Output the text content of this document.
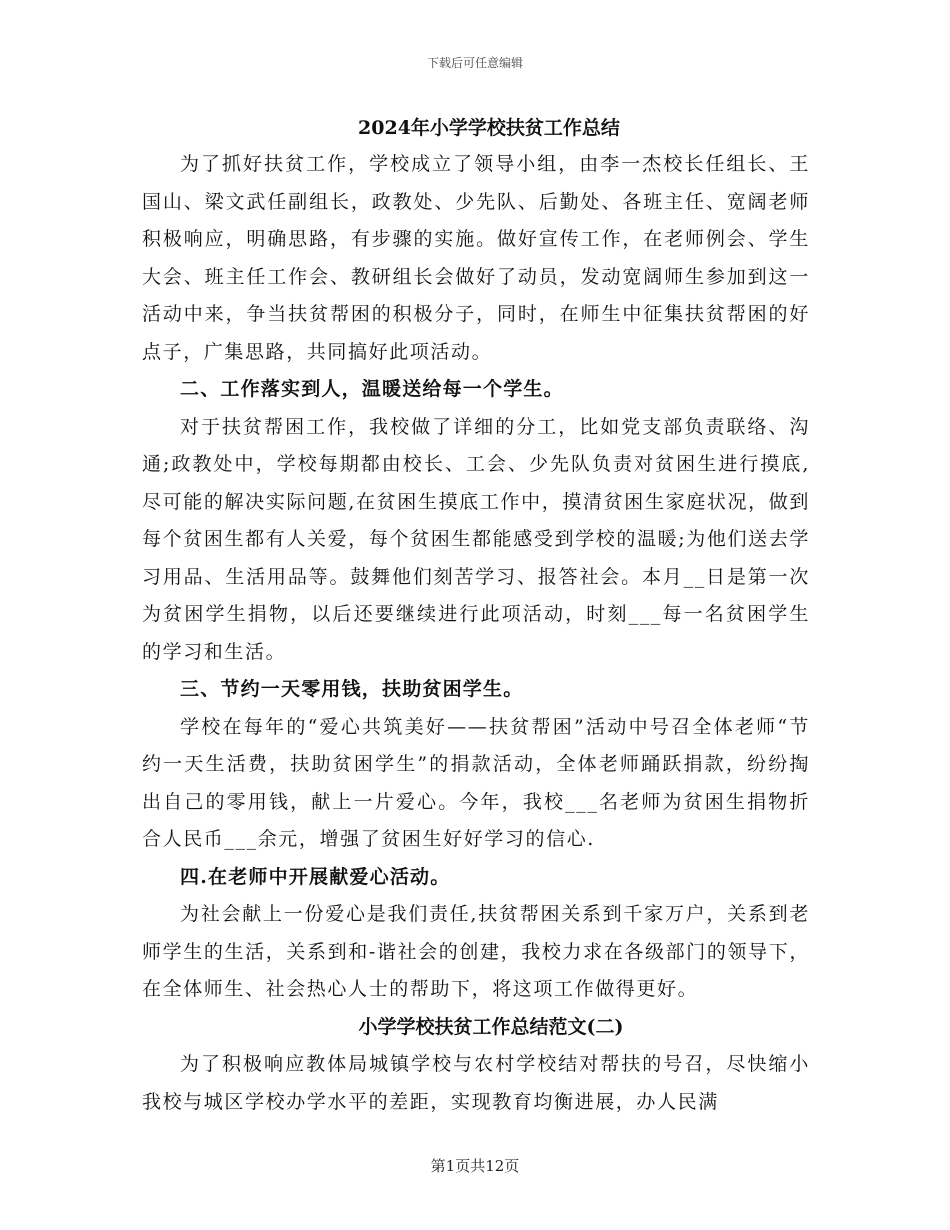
下载后可任意编辑
2024年小学学校扶贫工作总结

为了抓好扶贫工作，学校成立了领导小组，由李一杰校长任组长、王国山、梁文武任副组长，政教处、少先队、后勤处、各班主任、宽阔老师积极响应，明确思路，有步骤的实施。做好宣传工作，在老师例会、学生大会、班主任工作会、教研组长会做好了动员，发动宽阔师生参加到这一活动中来，争当扶贫帮困的积极分子，同时，在师生中征集扶贫帮困的好点子，广集思路，共同搞好此项活动。

二、工作落实到人，温暖送给每一个学生。

对于扶贫帮困工作，我校做了详细的分工，比如党支部负责联络、沟通;政教处中，学校每期都由校长、工会、少先队负责对贫困生进行摸底,尽可能的解决实际问题,在贫困生摸底工作中，摸清贫困生家庭状况，做到每个贫困生都有人关爱，每个贫困生都能感受到学校的温暖;为他们送去学习用品、生活用品等。鼓舞他们刻苦学习、报答社会。本月__日是第一次为贫困学生捐物，以后还要继续进行此项活动，时刻___每一名贫困学生的学习和生活。

三、节约一天零用钱，扶助贫困学生。

学校在每年的“爱心共筑美好——扶贫帮困”活动中号召全体老师“节约一天生活费，扶助贫困学生”的捐款活动，全体老师踊跃捐款，纷纷掏出自己的零用钱，献上一片爱心。今年，我校___名老师为贫困生捐物折合人民币___余元，增强了贫困生好好学习的信心.

四.在老师中开展献爱心活动。

为社会献上一份爱心是我们责任,扶贫帮困关系到千家万户，关系到老师学生的生活，关系到和-谐社会的创建，我校力求在各级部门的领导下，在全体师生、社会热心人士的帮助下，将这项工作做得更好。

小学学校扶贫工作总结范文(二)

为了积极响应教体局城镇学校与农村学校结对帮扶的号召，尽快缩小我校与城区学校办学水平的差距，实现教育均衡进展，办人民满

第1页共12页
